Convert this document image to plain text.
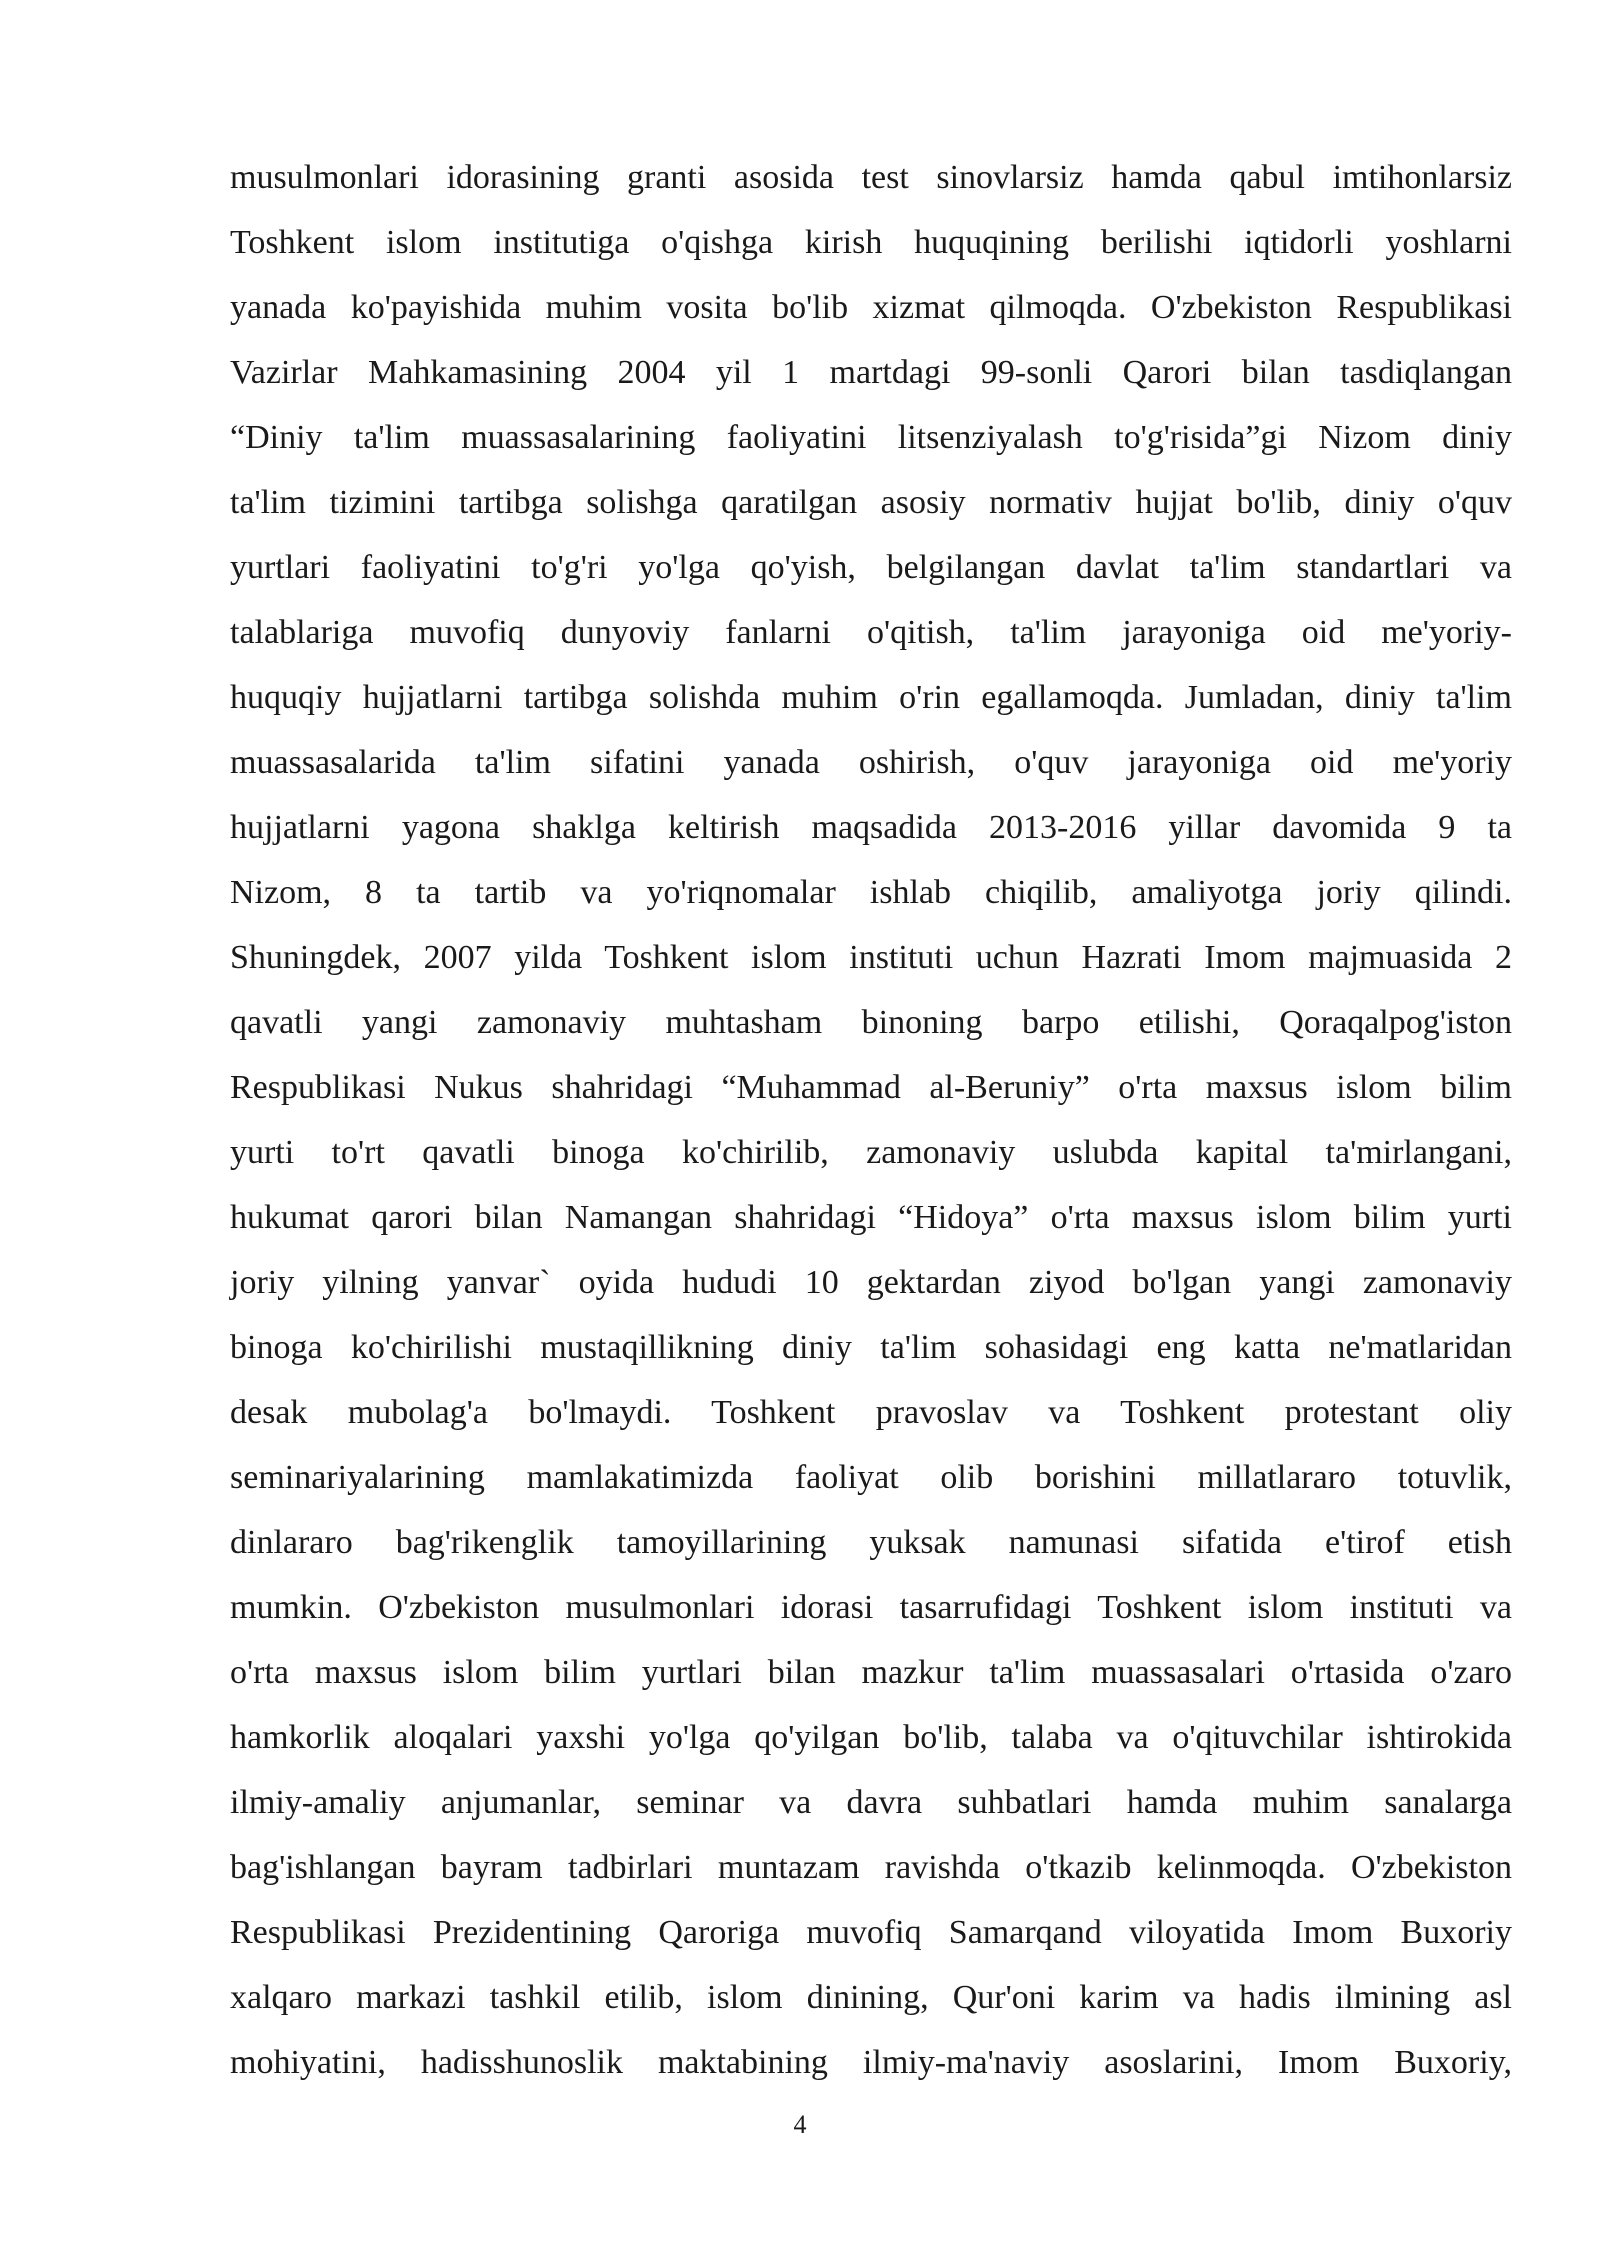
musulmonlari idorasining granti asosida test sinovlarsiz hamda qabul imtihonlarsiz
Toshkent islom institutiga o'qishga kirish huquqining berilishi iqtidorli yoshlarni
yanada ko'payishida muhim vosita bo'lib xizmat qilmoqda. O'zbekiston Respublikasi
Vazirlar Mahkamasining 2004 yil 1 martdagi 99-sonli Qarori bilan tasdiqlangan
“Diniy ta'lim muassasalarining faoliyatini litsenziyalash to'g'risida”gi Nizom diniy
ta'lim tizimini tartibga solishga qaratilgan asosiy normativ hujjat bo'lib, diniy o'quv
yurtlari faoliyatini to'g'ri yo'lga qo'yish, belgilangan davlat ta'lim standartlari va
talablariga muvofiq dunyoviy fanlarni o'qitish, ta'lim jarayoniga oid me'yoriy-
huquqiy hujjatlarni tartibga solishda muhim o'rin egallamoqda. Jumladan, diniy ta'lim
muassasalarida ta'lim sifatini yanada oshirish, o'quv jarayoniga oid me'yoriy
hujjatlarni yagona shaklga keltirish maqsadida 2013-2016 yillar davomida 9 ta
Nizom, 8 ta tartib va yo'riqnomalar ishlab chiqilib, amaliyotga joriy qilindi.
Shuningdek, 2007 yilda Toshkent islom instituti uchun Hazrati Imom majmuasida 2
qavatli yangi zamonaviy muhtasham binoning barpo etilishi, Qoraqalpog'iston
Respublikasi Nukus shahridagi “Muhammad al-Beruniy” o'rta maxsus islom bilim
yurti to'rt qavatli binoga ko'chirilib, zamonaviy uslubda kapital ta'mirlangani,
hukumat qarori bilan Namangan shahridagi “Hidoya” o'rta maxsus islom bilim yurti
joriy yilning yanvar` oyida hududi 10 gektardan ziyod bo'lgan yangi zamonaviy
binoga ko'chirilishi mustaqillikning diniy ta'lim sohasidagi eng katta ne'matlaridan
desak mubolag'a bo'lmaydi. Toshkent pravoslav va Toshkent protestant oliy
seminariyalarining mamlakatimizda faoliyat olib borishini millatlararo totuvlik,
dinlararo bag'rikenglik tamoyillarining yuksak namunasi sifatida e'tirof etish
mumkin. O'zbekiston musulmonlari idorasi tasarrufidagi Toshkent islom instituti va
o'rta maxsus islom bilim yurtlari bilan mazkur ta'lim muassasalari o'rtasida o'zaro
hamkorlik aloqalari yaxshi yo'lga qo'yilgan bo'lib, talaba va o'qituvchilar ishtirokida
ilmiy-amaliy anjumanlar, seminar va davra suhbatlari hamda muhim sanalarga
bag'ishlangan bayram tadbirlari muntazam ravishda o'tkazib kelinmoqda. O'zbekiston
Respublikasi Prezidentining Qaroriga muvofiq Samarqand viloyatida Imom Buxoriy
xalqaro markazi tashkil etilib, islom dinining, Qur'oni karim va hadis ilmining asl
mohiyatini, hadisshunoslik maktabining ilmiy-ma'naviy asoslarini, Imom Buxoriy,
4
